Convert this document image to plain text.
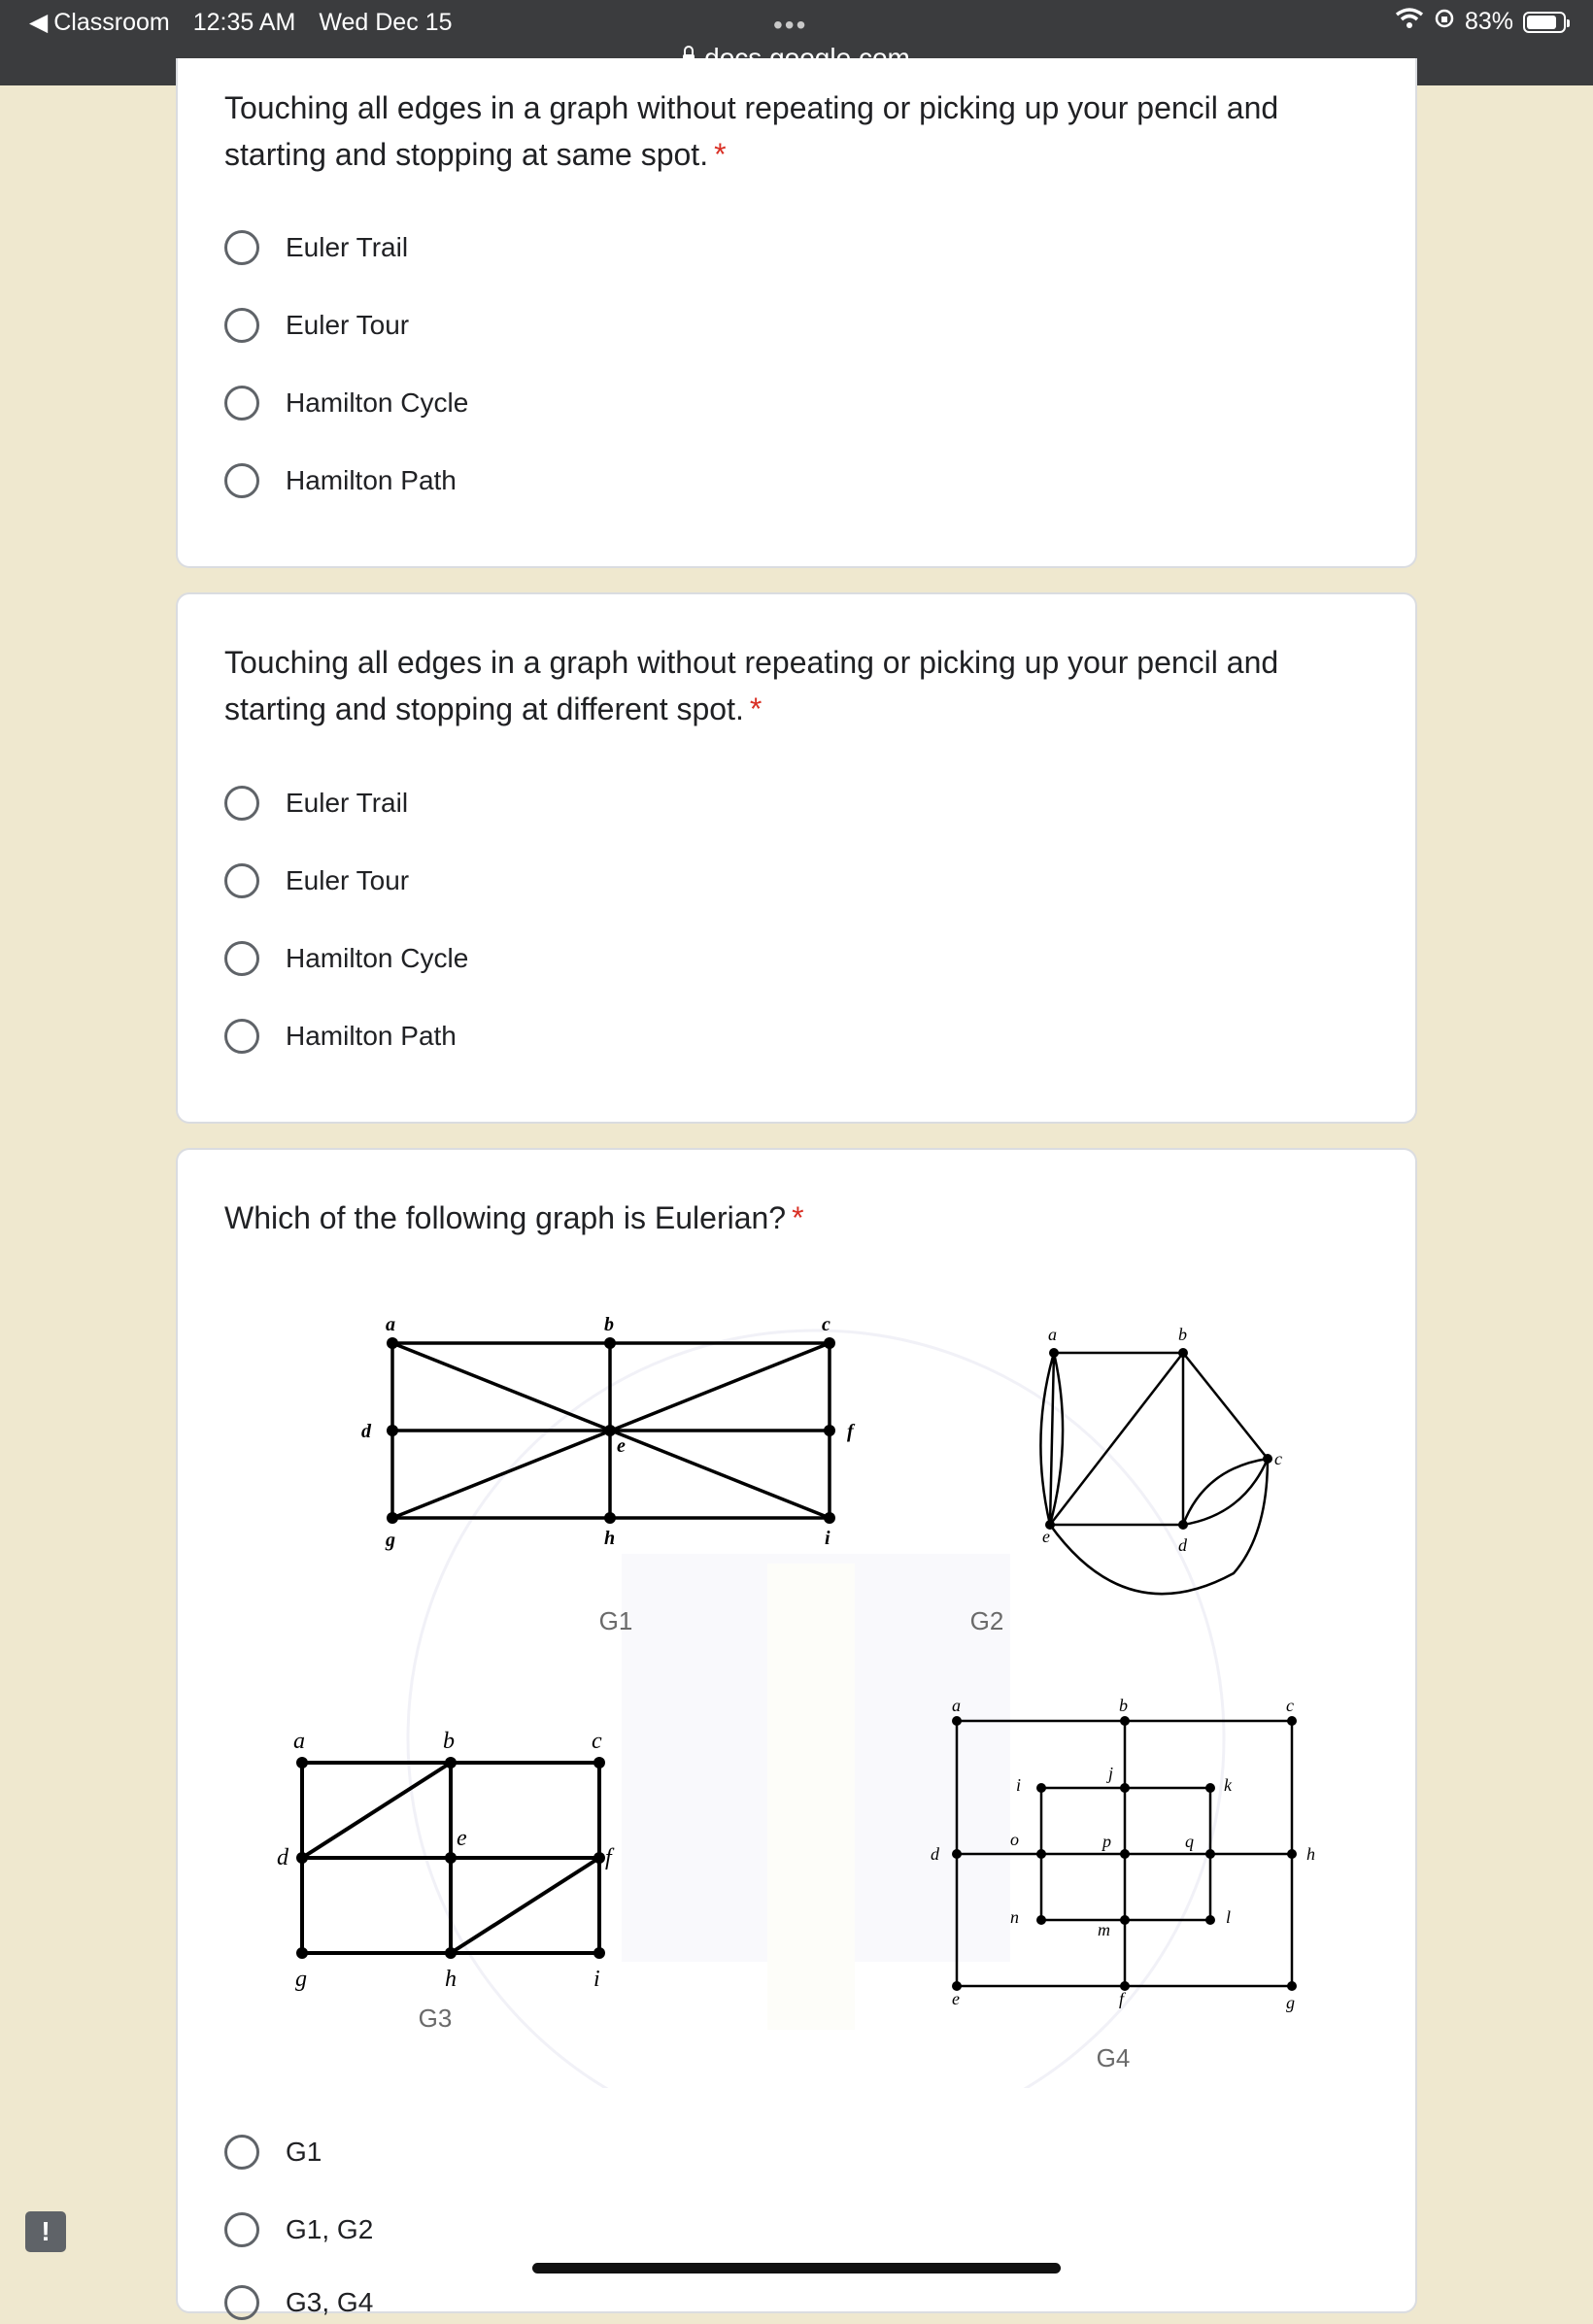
◀ Classroom 12:35 AM Wed Dec 15	•••	83%
Touching all edges in a graph without repeating or picking up your pencil and starting and stopping at same spot. *
Euler Trail
Euler Tour
Hamilton Cycle
Hamilton Path
Touching all edges in a graph without repeating or picking up your pencil and starting and stopping at different spot. *
Euler Trail
Euler Tour
Hamilton Cycle
Hamilton Path
Which of the following graph is Eulerian? *
G1
G1, G2
G3, G4
a	b	c
d
e
f
g	h	i
G1
a	b
c
d
e
G2
a	b	c
d
e
f
g	h	i
G3
a	b	c
d
e	f	g
h
i
j
k
l
m
n
o	p	q
G4
!
